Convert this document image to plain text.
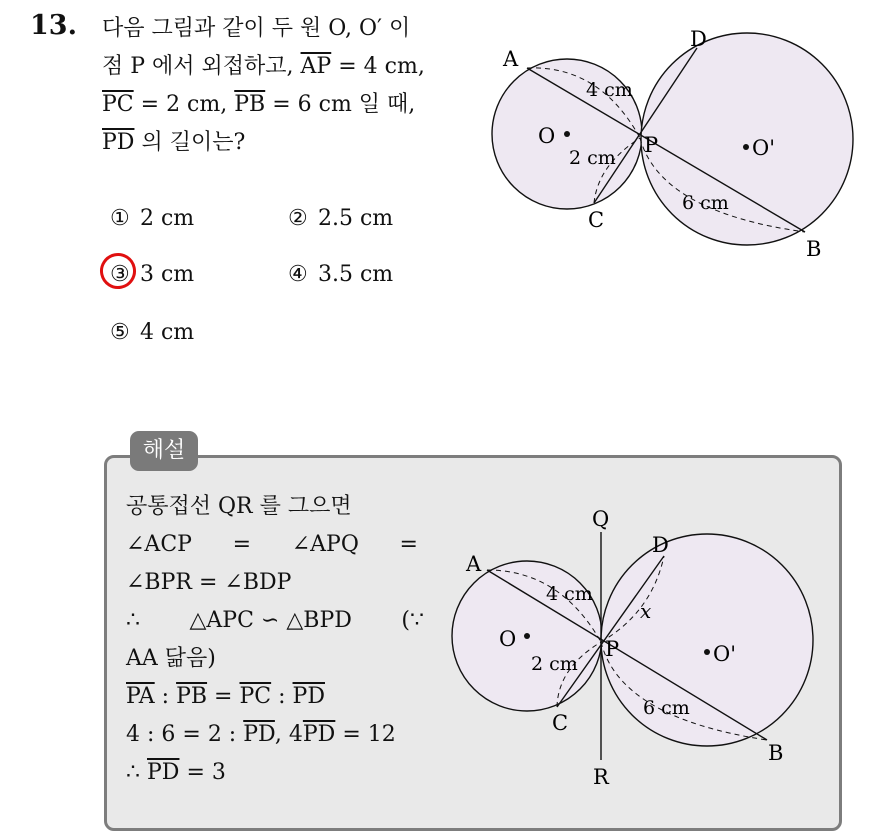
13. 다음 그림과 같이 두 원 O, O′ 이
점 P 에서 외접하고, $\overline{AP} = 4$ cm,
$\overline{PC} = 2$ cm, $\overline{PB} = 6$ cm 일 때,
$\overline{PD}$ 의 길이는?
① 2 cm	② 2.5 cm
③ 3 cm	④ 3.5 cm
⑤ 4 cm
A
D
P
C
B
O	O'
4 cm
2 cm
6 cm
해설
공통접선 QR 를 그으면
∠ACP = ∠APQ =
∠BPR = ∠BDP
∴ △APC ∽ △BPD (∵
AA 닮음)
$\overline{PA}$ : $\overline{PB} = \overline{PC}$ : $\overline{PD}$
4 : 6 = 2 : $\overline{PD}$, $4\overline{PD} = 12$
∴ $\overline{PD} = 3$
Q
R
A
D
P
C
B
O
O'
4 cm
2 cm
6 cm
x
